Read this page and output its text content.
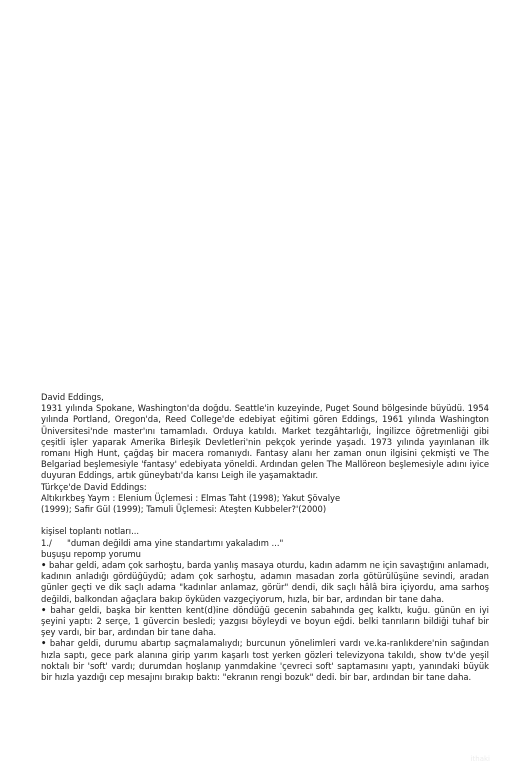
David Eddings,

1931 yılında Spokane, Washington'da doğdu. Seattle'in kuzeyinde, Puget Sound bölgesinde büyüdü. 1954 yılında Portland, Oregon'da, Reed College'de edebiyat eğitimi gören Eddings, 1961 yılında Washington Üniversitesi'nde master'ını tamamladı. Orduya katıldı. Market tezgâhtarlığı, İngilizce öğretmenliği gibi çeşitli işler yaparak Amerika Birleşik Devletleri'nin pekçok yerinde yaşadı. 1973 yılında yayınlanan ilk romanı High Hunt, çağdaş bir macera romanıydı. Fantasy alanı her zaman onun ilgisini çekmişti ve The Belgariad beşlemesiyle 'fantasy' edebiyata yöneldi. Ardından gelen The Mallöreon beşlemesiyle adını iyice duyuran Eddings, artık güneybatı'da karısı Leigh ile yaşamaktadır.

Türkçe'de David Eddings:

Altıkırkbeş Yaym : Elenium Üçlemesi : Elmas Taht (1998); Yakut Şövalye

(1999); Safir Gül (1999); Tamuli Üçlemesi: Ateşten Kubbeler?'(2000)

kişisel toplantı notları...

1./ "duman değildi ama yine standartımı yakaladım ..."

buşuşu repomp yorumu

• bahar geldi, adam çok sarhoştu, barda yanlış masaya oturdu, kadın adamm ne için savaştığını anlamadı, kadının anladığı gördüğüydü; adam çok sarhoştu, adamın masadan zorla götürülüşüne sevindi, aradan günler geçti ve dik saçlı adama "kadınlar anlamaz, görür" dendi, dik saçlı hâlâ bira içiyordu, ama sarhoş değildi, balkondan ağaçlara bakıp öyküden vazgeçiyorum, hızla, bir bar, ardından bir tane daha.

• bahar geldi, başka bir kentten kent(d)ine döndüğü gecenin sabahında geç kalktı, kuğu. günün en iyi şeyini yaptı: 2 serçe, 1 güvercin besledi; yazgısı böyleydi ve boyun eğdi. belki tanrıların bildiği tuhaf bir şey vardı, bir bar, ardından bir tane daha.

• bahar geldi, durumu abartıp saçmalamalıydı; burcunun yönelimleri vardı ve.ka-ranlıkdere'nin sağından hızla saptı, gece park alanına girip yarım kaşarlı tost yerken gözleri televizyona takıldı, show tv'de yeşil noktalı bir 'soft' vardı; durumdan hoşlanıp yanmdakine 'çevreci soft' saptamasını yaptı, yanındaki büyük bir hızla yazdığı cep mesajını bırakıp baktı: "ekranın rengi bozuk" dedi. bir bar, ardından bir tane daha.

ithaki
